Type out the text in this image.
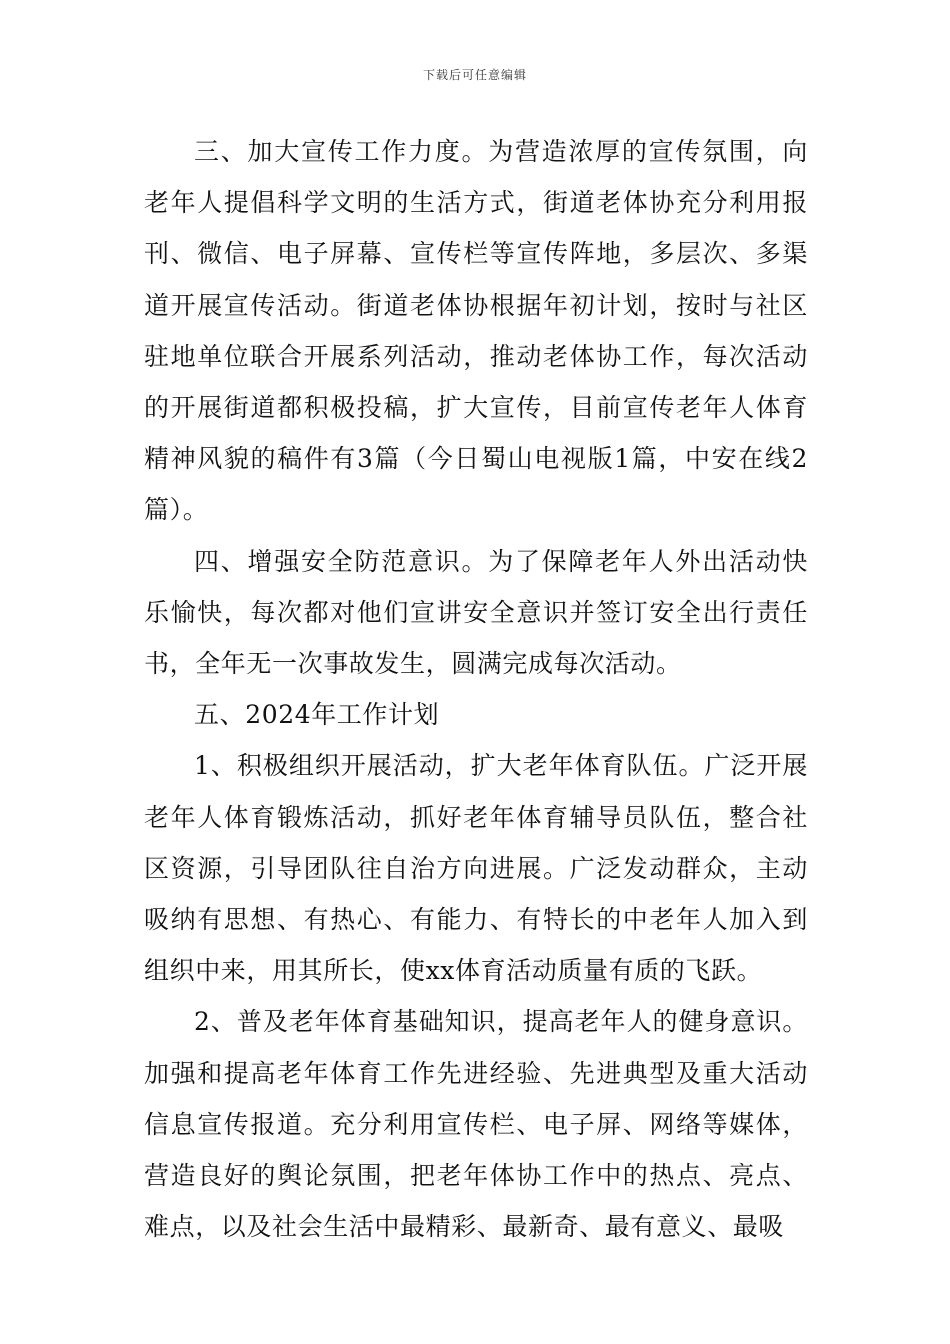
下载后可任意编辑

三、加大宣传工作力度。为营造浓厚的宣传氛围，向老年人提倡科学文明的生活方式，街道老体协充分利用报刊、微信、电子屏幕、宣传栏等宣传阵地，多层次、多渠道开展宣传活动。街道老体协根据年初计划，按时与社区驻地单位联合开展系列活动，推动老体协工作，每次活动的开展街道都积极投稿，扩大宣传，目前宣传老年人体育精神风貌的稿件有3篇（今日蜀山电视版1篇，中安在线2篇）。

四、增强安全防范意识。为了保障老年人外出活动快乐愉快，每次都对他们宣讲安全意识并签订安全出行责任书，全年无一次事故发生，圆满完成每次活动。

五、2024年工作计划

1、积极组织开展活动，扩大老年体育队伍。广泛开展老年人体育锻炼活动，抓好老年体育辅导员队伍，整合社区资源，引导团队往自治方向进展。广泛发动群众，主动吸纳有思想、有热心、有能力、有特长的中老年人加入到组织中来，用其所长，使xx体育活动质量有质的飞跃。

2、普及老年体育基础知识，提高老年人的健身意识。加强和提高老年体育工作先进经验、先进典型及重大活动信息宣传报道。充分利用宣传栏、电子屏、网络等媒体，营造良好的舆论氛围，把老年体协工作中的热点、亮点、难点，以及社会生活中最精彩、最新奇、最有意义、最吸
